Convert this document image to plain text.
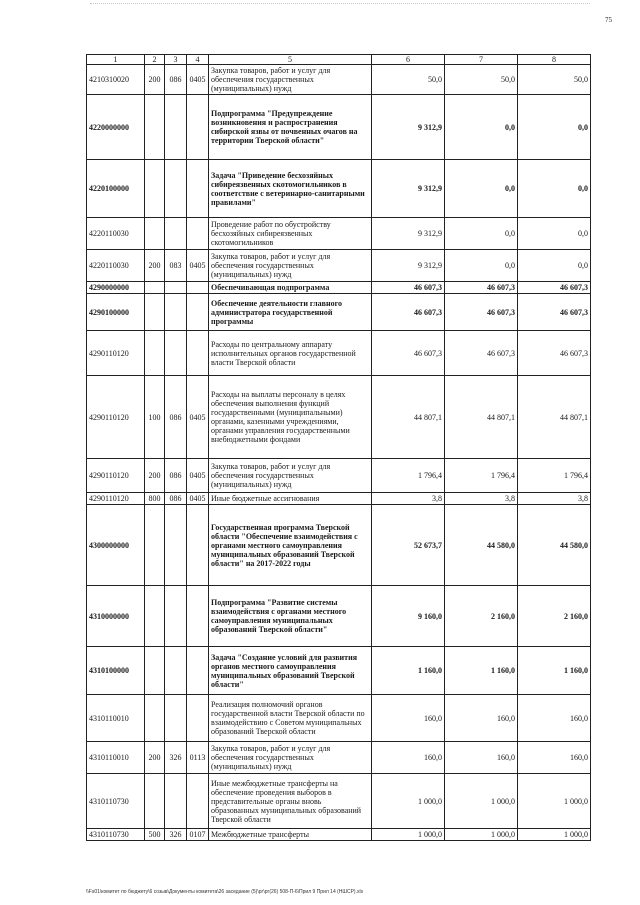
75
1	2	3	4	5	6	7	8
4210310020	200	086	0405	Закупка товаров, работ и услуг для обеспечения государственных (муниципальных) нужд	50,0	50,0	50,0
4220000000				Подпрограмма "Предупреждение возникновения и распространения сибирской язвы от почвенных очагов на территории Тверской области"	9 312,9	0,0	0,0
4220100000				Задача "Приведение бесхозяйных сибиреязвенных скотомогильников в соответствие с ветеринарно-санитарными правилами"	9 312,9	0,0	0,0
4220110030				Проведение работ по обустройству бесхозяйных сибиреязвенных скотомогильников	9 312,9	0,0	0,0
4220110030	200	083	0405	Закупка товаров, работ и услуг для обеспечения государственных (муниципальных) нужд	9 312,9	0,0	0,0
4290000000				Обеспечивающая подпрограмма	46 607,3	46 607,3	46 607,3
4290100000				Обеспечение деятельности главного администратора государственной программы	46 607,3	46 607,3	46 607,3
4290110120				Расходы по центральному аппарату исполнительных органов государственной власти Тверской области	46 607,3	46 607,3	46 607,3
4290110120	100	086	0405	Расходы на выплаты персоналу в целях обеспечения выполнения функций государственными (муниципальными) органами, казенными учреждениями, органами управления государственными внебюджетными фондами	44 807,1	44 807,1	44 807,1
4290110120	200	086	0405	Закупка товаров, работ и услуг для обеспечения государственных (муниципальных) нужд	1 796,4	1 796,4	1 796,4
4290110120	800	086	0405	Иные бюджетные ассигнования	3,8	3,8	3,8
4300000000				Государственная программа Тверской области "Обеспечение взаимодействия с органами местного самоуправления муниципальных образований Тверской области" на 2017-2022 годы	52 673,7	44 580,0	44 580,0
4310000000				Подпрограмма "Развитие системы взаимодействия с органами местного самоуправления муниципальных образований Тверской области"	9 160,0	2 160,0	2 160,0
4310100000				Задача "Создание условий для развития органов местного самоуправления муниципальных образований Тверской области"	1 160,0	1 160,0	1 160,0
4310110010				Реализация полномочий органов государственной власти Тверской области по взаимодействию с Советом муниципальных образований Тверской области	160,0	160,0	160,0
4310110010	200	326	0113	Закупка товаров, работ и услуг для обеспечения государственных (муниципальных) нужд	160,0	160,0	160,0
4310110730				Иные межбюджетные трансферты на обеспечение проведения выборов в представительные органы вновь образованных муниципальных образований Тверской области	1 000,0	1 000,0	1 000,0
4310110730	500	326	0107	Межбюджетные трансферты	1 000,0	1 000,0	1 000,0
\\Fs01\комитет по бюджету\6 созыв\Документы комитета\26 заседание (5)\рг\рг(26) 508-П-6\Прил 9 Прил 14 (НШСР).xls
